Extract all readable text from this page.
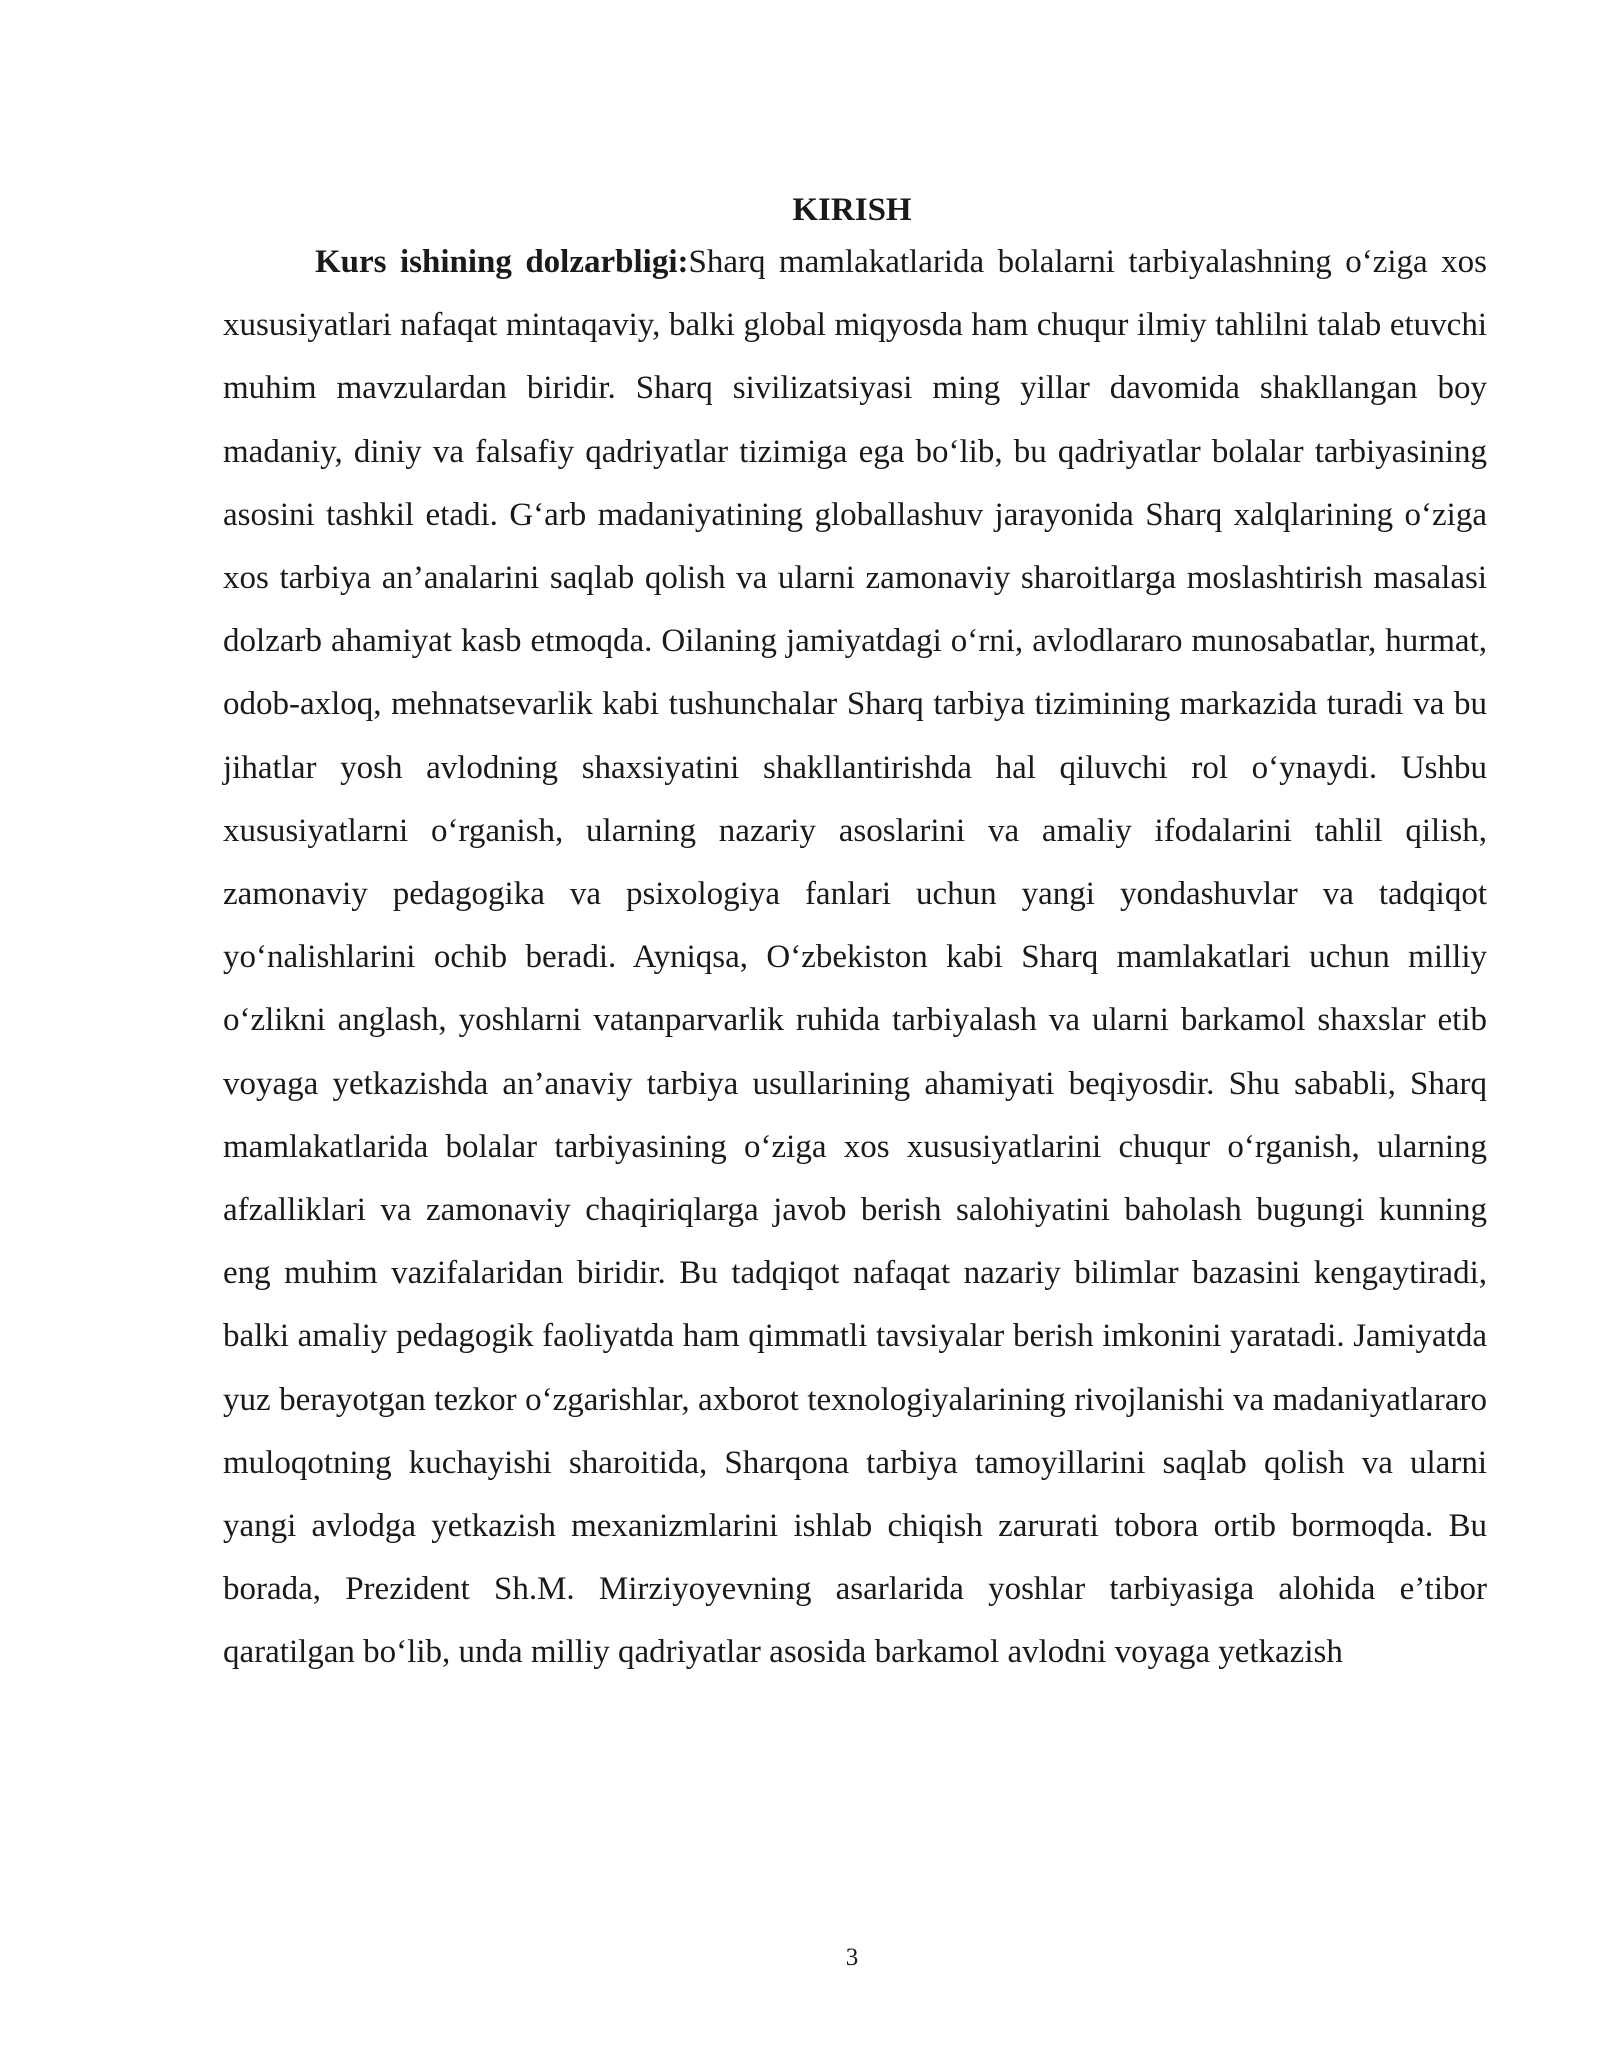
KIRISH

Kurs ishining dolzarbligi:Sharq mamlakatlarida bolalarni tarbiyalashning o‘ziga xos xususiyatlari nafaqat mintaqaviy, balki global miqyosda ham chuqur ilmiy tahlilni talab etuvchi muhim mavzulardan biridir. Sharq sivilizatsiyasi ming yillar davomida shakllangan boy madaniy, diniy va falsafiy qadriyatlar tizimiga ega bo‘lib, bu qadriyatlar bolalar tarbiyasining asosini tashkil etadi. G‘arb madaniyatining globallashuv jarayonida Sharq xalqlarining o‘ziga xos tarbiya an’analarini saqlab qolish va ularni zamonaviy sharoitlarga moslashtirish masalasi dolzarb ahamiyat kasb etmoqda. Oilaning jamiyatdagi o‘rni, avlodlararo munosabatlar, hurmat, odob-axloq, mehnatsevarlik kabi tushunchalar Sharq tarbiya tizimining markazida turadi va bu jihatlar yosh avlodning shaxsiyatini shakllantirishda hal qiluvchi rol o‘ynaydi. Ushbu xususiyatlarni o‘rganish, ularning nazariy asoslarini va amaliy ifodalarini tahlil qilish, zamonaviy pedagogika va psixologiya fanlari uchun yangi yondashuvlar va tadqiqot yo‘nalishlarini ochib beradi. Ayniqsa, O‘zbekiston kabi Sharq mamlakatlari uchun milliy o‘zlikni anglash, yoshlarni vatanparvarlik ruhida tarbiyalash va ularni barkamol shaxslar etib voyaga yetkazishda an’anaviy tarbiya usullarining ahamiyati beqiyosdir. Shu sababli, Sharq mamlakatlarida bolalar tarbiyasining o‘ziga xos xususiyatlarini chuqur o‘rganish, ularning afzalliklari va zamonaviy chaqiriqlarga javob berish salohiyatini baholash bugungi kunning eng muhim vazifalaridan biridir. Bu tadqiqot nafaqat nazariy bilimlar bazasini kengaytiradi, balki amaliy pedagogik faoliyatda ham qimmatli tavsiyalar berish imkonini yaratadi. Jamiyatda yuz berayotgan tezkor o‘zgarishlar, axborot texnologiyalarining rivojlanishi va madaniyatlararo muloqotning kuchayishi sharoitida, Sharqona tarbiya tamoyillarini saqlab qolish va ularni yangi avlodga yetkazish mexanizmlarini ishlab chiqish zarurati tobora ortib bormoqda. Bu borada, Prezident Sh.M. Mirziyoyevning asarlarida yoshlar tarbiyasiga alohida e’tibor qaratilgan bo‘lib, unda milliy qadriyatlar asosida barkamol avlodni voyaga yetkazish

3
